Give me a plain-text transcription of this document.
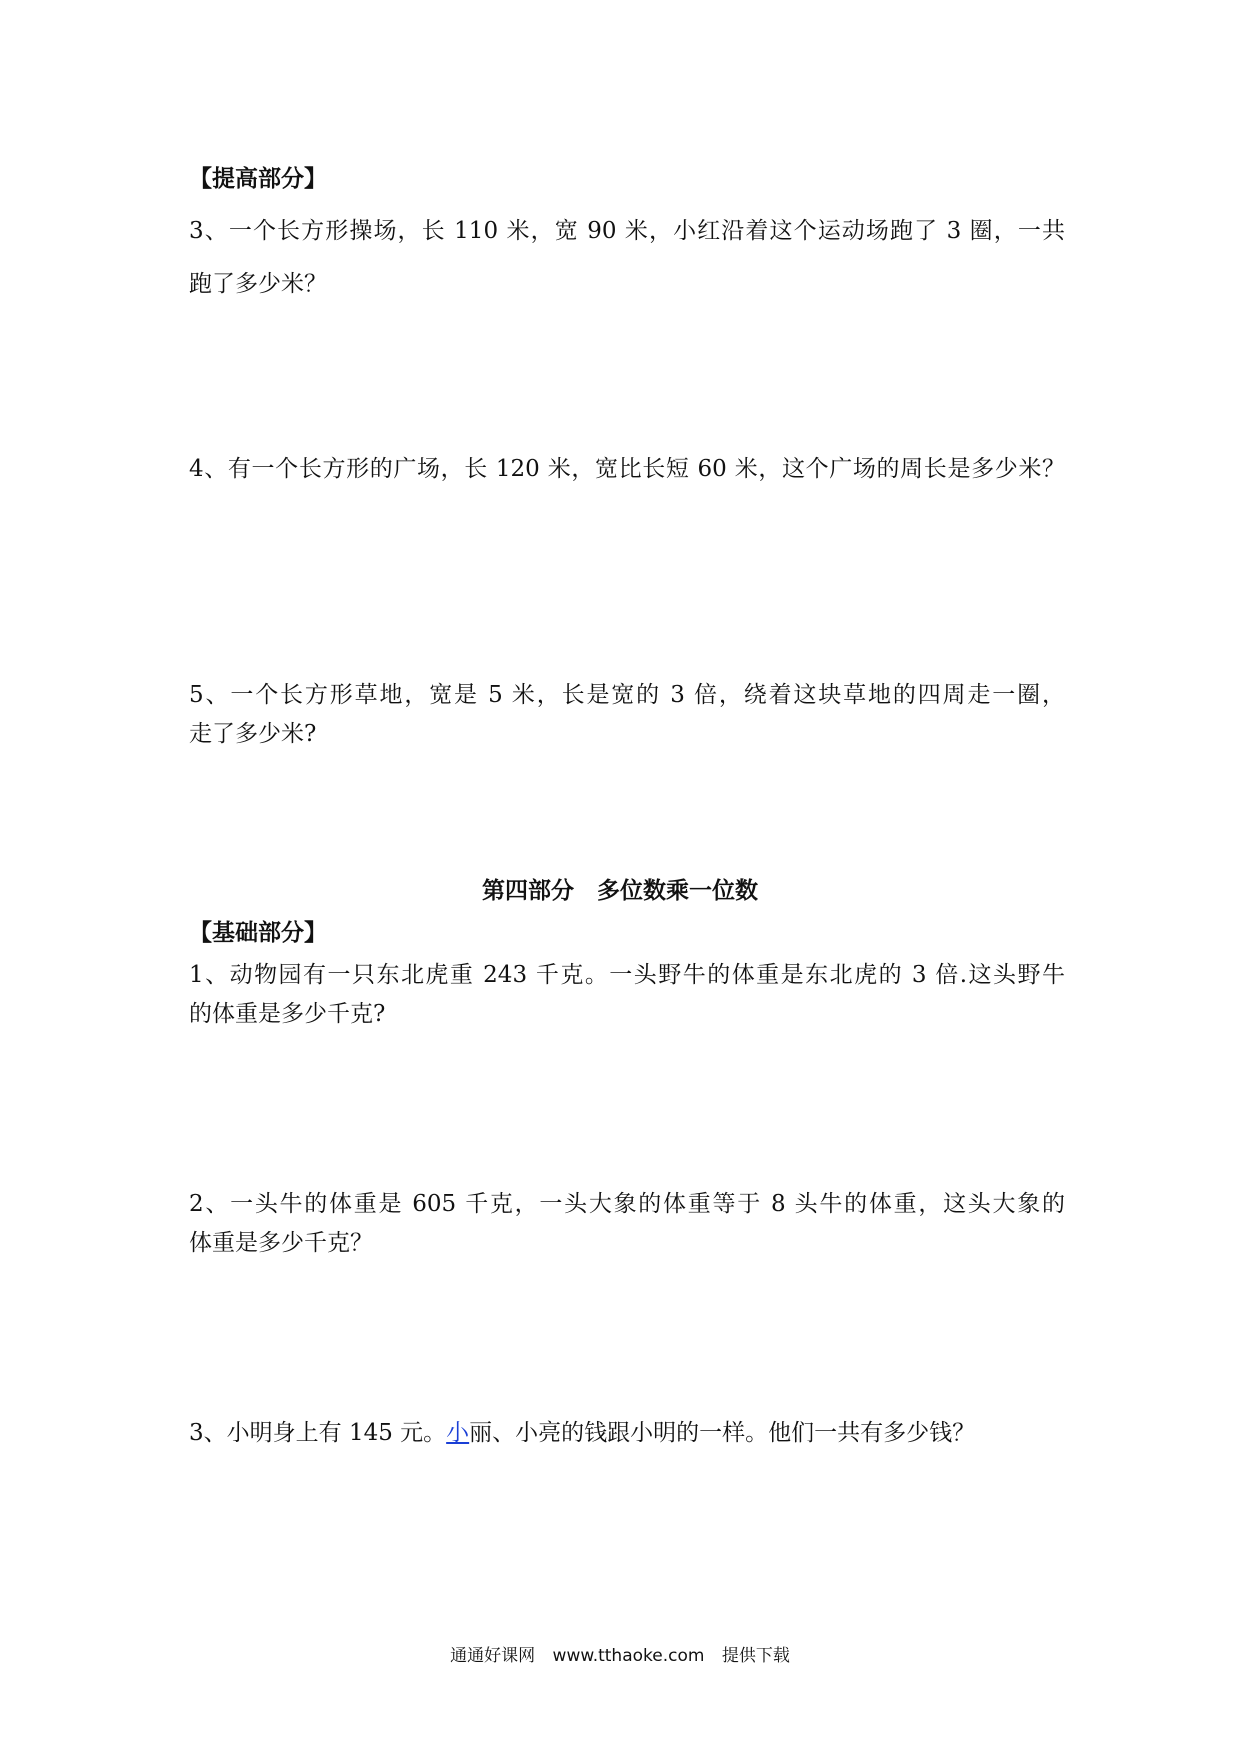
【提高部分】
3、一个长方形操场，长 110 米，宽 90 米，小红沿着这个运动场跑了 3 圈，一共
跑了多少米？
4、有一个长方形的广场，长 120 米，宽比长短 60 米，这个广场的周长是多少米？
5、一个长方形草地，宽是 5 米，长是宽的 3 倍，绕着这块草地的四周走一圈，
走了多少米?
第四部分　多位数乘一位数
【基础部分】
1、动物园有一只东北虎重 243 千克。一头野牛的体重是东北虎的 3 倍.这头野牛
的体重是多少千克?
2、一头牛的体重是 605 千克，一头大象的体重等于 8 头牛的体重，这头大象的
体重是多少千克？
3、小明身上有 145 元。小丽、小亮的钱跟小明的一样。他们一共有多少钱？
通通好课网 www.tthaoke.com 提供下载
